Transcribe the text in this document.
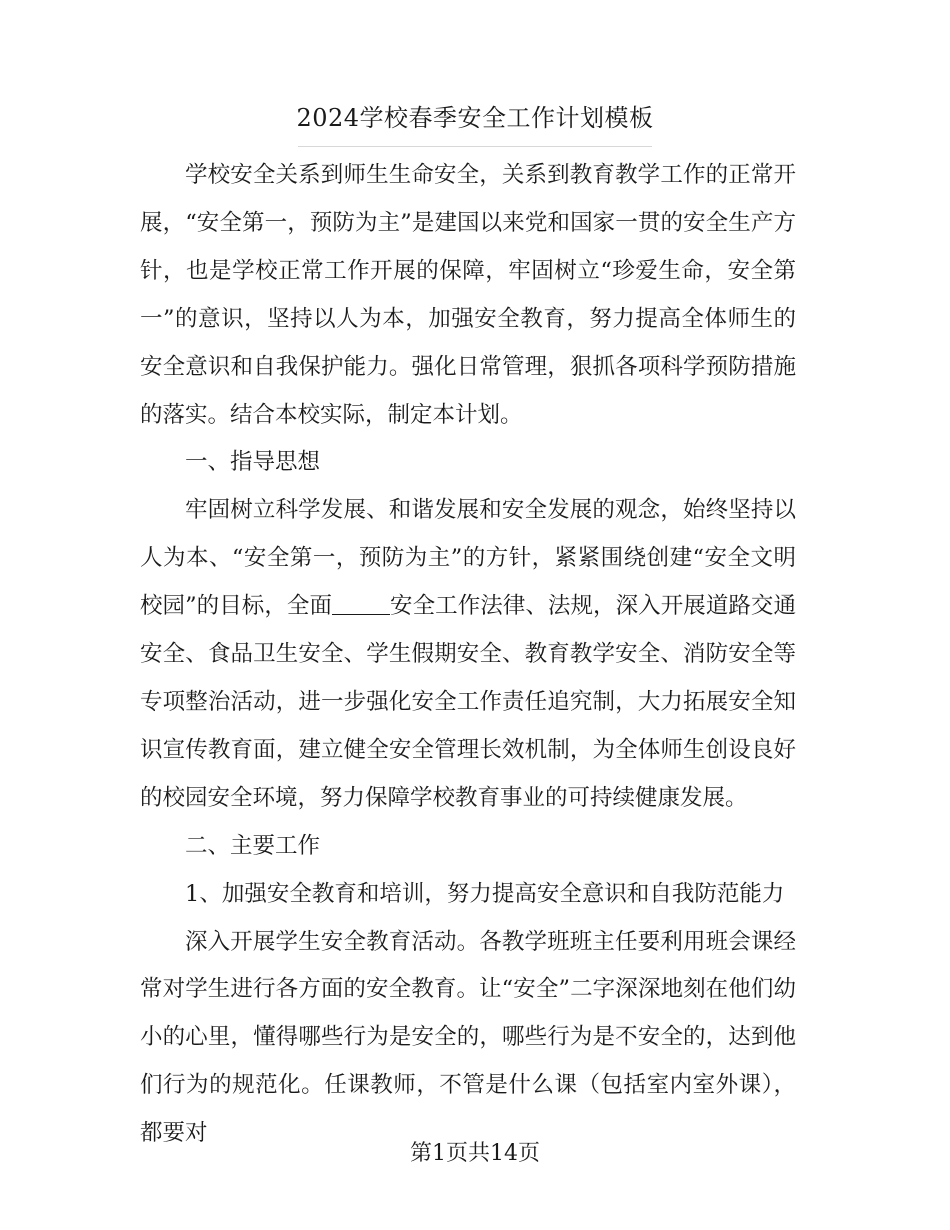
2024学校春季安全工作计划模板

学校安全关系到师生生命安全，关系到教育教学工作的正常开展，“安全第一，预防为主”是建国以来党和国家一贯的安全生产方针，也是学校正常工作开展的保障，牢固树立“珍爱生命，安全第一”的意识，坚持以人为本，加强安全教育，努力提高全体师生的安全意识和自我保护能力。强化日常管理，狠抓各项科学预防措施的落实。结合本校实际，制定本计划。

一、指导思想

牢固树立科学发展、和谐发展和安全发展的观念，始终坚持以人为本、“安全第一，预防为主”的方针，紧紧围绕创建“安全文明校园”的目标，全面	安全工作法律、法规，深入开展道路交通安全、食品卫生安全、学生假期安全、教育教学安全、消防安全等专项整治活动，进一步强化安全工作责任追究制，大力拓展安全知识宣传教育面，建立健全安全管理长效机制，为全体师生创设良好的校园安全环境，努力保障学校教育事业的可持续健康发展。

二、主要工作

1、加强安全教育和培训，努力提高安全意识和自我防范能力

深入开展学生安全教育活动。各教学班班主任要利用班会课经常对学生进行各方面的安全教育。让“安全”二字深深地刻在他们幼小的心里，懂得哪些行为是安全的，哪些行为是不安全的，达到他们行为的规范化。任课教师，不管是什么课（包括室内室外课），都要对

第1页共14页
